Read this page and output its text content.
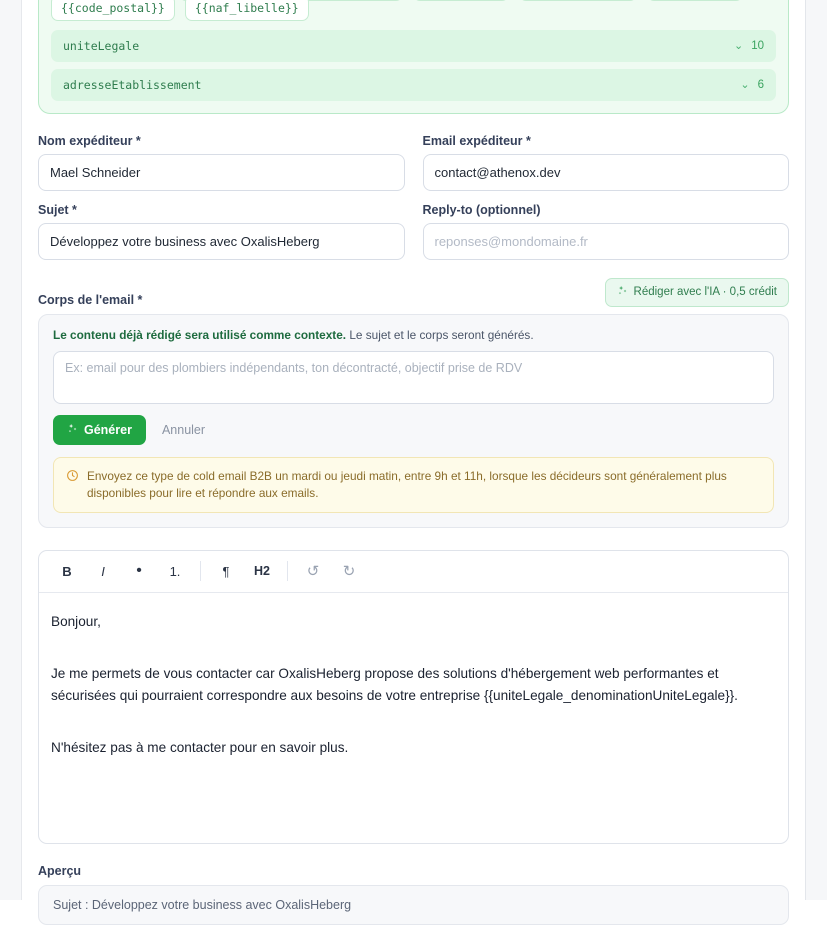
{{code_postal}}	{{naf_libelle}}
uniteLegale	⌄ 10
adresseEtablissement	⌄ 6
Nom expéditeur *
Mael Schneider	Email expéditeur *
contact@athenox.dev
Sujet *
Développez votre business avec OxalisHeberg	Reply-to (optionnel)
reponses@mondomaine.fr
Corps de l'email *
Rédiger avec l'IA · 0,5 crédit
Le contenu déjà rédigé sera utilisé comme contexte. Le sujet et le corps seront générés.
Ex: email pour des plombiers indépendants, ton décontracté, objectif prise de RDV
Générer Annuler
Envoyez ce type de cold email B2B un mardi ou jeudi matin, entre 9h et 11h, lorsque les décideurs sont généralement plus disponibles pour lire et répondre aux emails.
B	I	•	1.	¶	H2	↺	↻

Bonjour,

Je me permets de vous contacter car OxalisHeberg propose des solutions d'hébergement web performantes et sécurisées qui pourraient correspondre aux besoins de votre entreprise {{uniteLegale_denominationUniteLegale}}.

N'hésitez pas à me contacter pour en savoir plus.

Aperçu
Sujet : Développez votre business avec OxalisHeberg
